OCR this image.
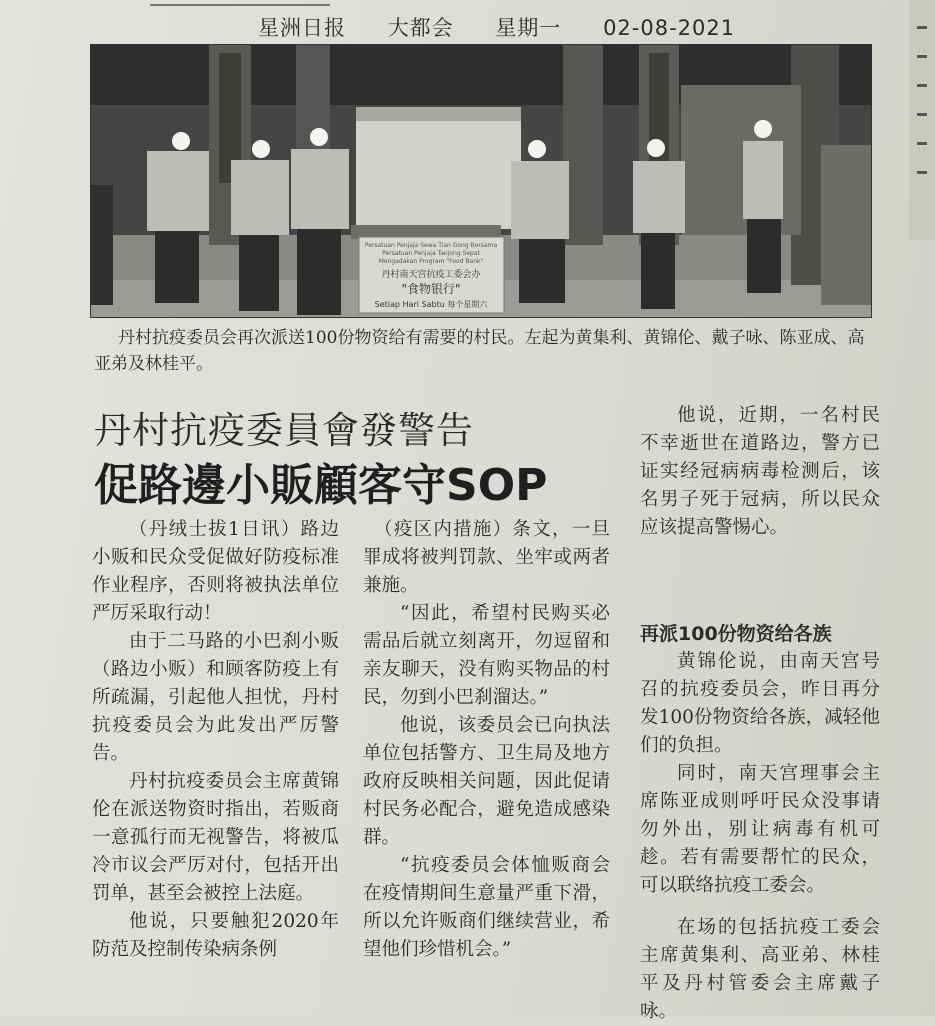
星洲日报 大都会 星期一 02-08-2021
Persatuan Penjaja Sewa Tian Gong Bersama
Persatuan Penjaja Tanjong Sepat
Mengadakan Program "Food Bank"
丹村南天宫抗疫工委会办
"食物银行"
Setiap Hari Sabtu 每个星期六
丹村抗疫委员会再次派送100份物资给有需要的村民。左起为黄集利、黄锦伦、戴子咏、陈亚成、高亚弟及林桂平。
丹村抗疫委員會發警告
促路邊小販顧客守SOP

（丹绒士拔1日讯）路边小贩和民众受促做好防疫标准作业程序，否则将被执法单位严厉采取行动！

由于二马路的小巴刹小贩（路边小贩）和顾客防疫上有所疏漏，引起他人担忧，丹村抗疫委员会为此发出严厉警告。

丹村抗疫委员会主席黄锦伦在派送物资时指出，若贩商一意孤行而无视警告，将被瓜冷市议会严厉对付，包括开出罚单，甚至会被控上法庭。

他说，只要触犯2020年防范及控制传染病条例

（疫区内措施）条文，一旦罪成将被判罚款、坐牢或两者兼施。

“因此，希望村民购买必需品后就立刻离开，勿逗留和亲友聊天，没有购买物品的村民，勿到小巴刹溜达。”

他说，该委员会已向执法单位包括警方、卫生局及地方政府反映相关问题，因此促请村民务必配合，避免造成感染群。

“抗疫委员会体恤贩商会在疫情期间生意量严重下滑，所以允许贩商们继续营业，希望他们珍惜机会。”

他说，近期，一名村民不幸逝世在道路边，警方已证实经冠病病毒检测后，该名男子死于冠病，所以民众应该提高警惕心。

再派100份物资给各族

黄锦伦说，由南天宫号召的抗疫委员会，昨日再分发100份物资给各族，减轻他们的负担。

同时，南天宫理事会主席陈亚成则呼吁民众没事请勿外出，别让病毒有机可趁。若有需要帮忙的民众，可以联络抗疫工委会。

在场的包括抗疫工委会主席黄集利、高亚弟、林桂平及丹村管委会主席戴子咏。
